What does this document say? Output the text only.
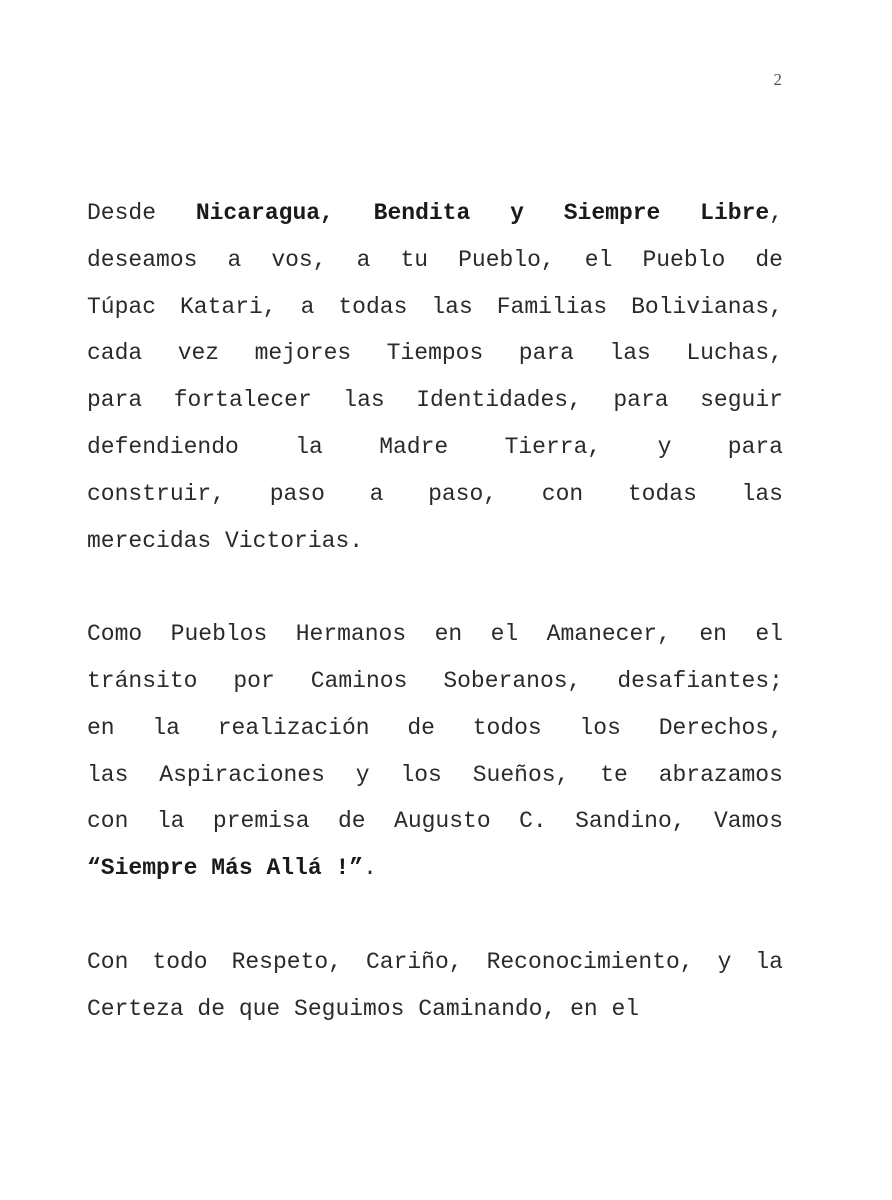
2
Desde Nicaragua, Bendita y Siempre Libre,
deseamos a vos, a tu Pueblo, el Pueblo de
Túpac Katari, a todas las Familias Bolivianas,
cada vez mejores Tiempos para las Luchas,
para fortalecer las Identidades, para seguir
defendiendo la Madre Tierra, y para
construir, paso a paso, con todas las
merecidas Victorias.
Como Pueblos Hermanos en el Amanecer, en el
tránsito por Caminos Soberanos, desafiantes;
en la realización de todos los Derechos,
las Aspiraciones y los Sueños, te abrazamos
con la premisa de Augusto C. Sandino, Vamos
“Siempre Más Allá !”.
Con todo Respeto, Cariño, Reconocimiento, y la
Certeza de que Seguimos Caminando, en el
